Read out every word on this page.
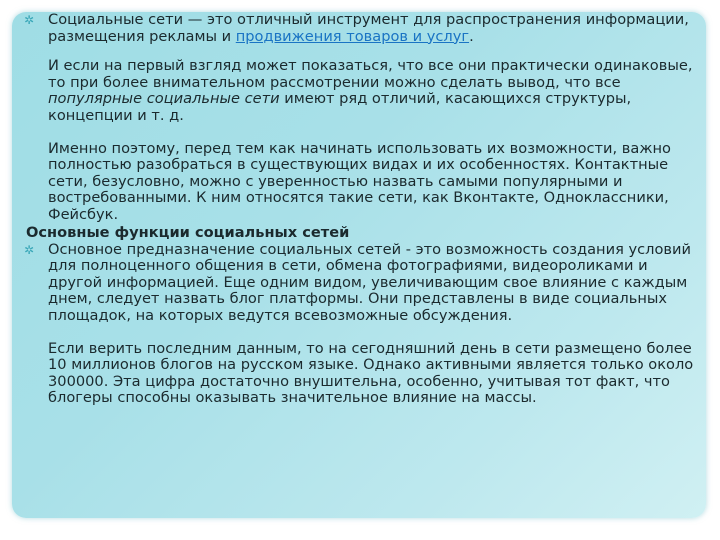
✲ Социальные сети — это отличный инструмент для распространения информации, размещения рекламы и продвижения товаров и услуг.

И если на первый взгляд может показаться, что все они практически одинаковые, то при более внимательном рассмотрении можно сделать вывод, что все популярные социальные сети имеют ряд отличий, касающихся структуры, концепции и т. д.

Именно поэтому, перед тем как начинать использовать их возможности, важно полностью разобраться в существующих видах и их особенностях. Контактные сети, безусловно, можно с уверенностью назвать самыми популярными и востребованными. К ним относятся такие сети, как Вконтакте, Одноклассники, Фейсбук.

Основные функции социальных сетей

✲ Основное предназначение социальных сетей - это возможность создания условий для полноценного общения в сети, обмена фотографиями, видеороликами и другой информацией. Еще одним видом, увеличивающим свое влияние с каждым днем, следует назвать блог платформы. Они представлены в виде социальных площадок, на которых ведутся всевозможные обсуждения.

Если верить последним данным, то на сегодняшний день в сети размещено более 10 миллионов блогов на русском языке. Однако активными является только около 300000. Эта цифра достаточно внушительна, особенно, учитывая тот факт, что блогеры способны оказывать значительное влияние на массы.
